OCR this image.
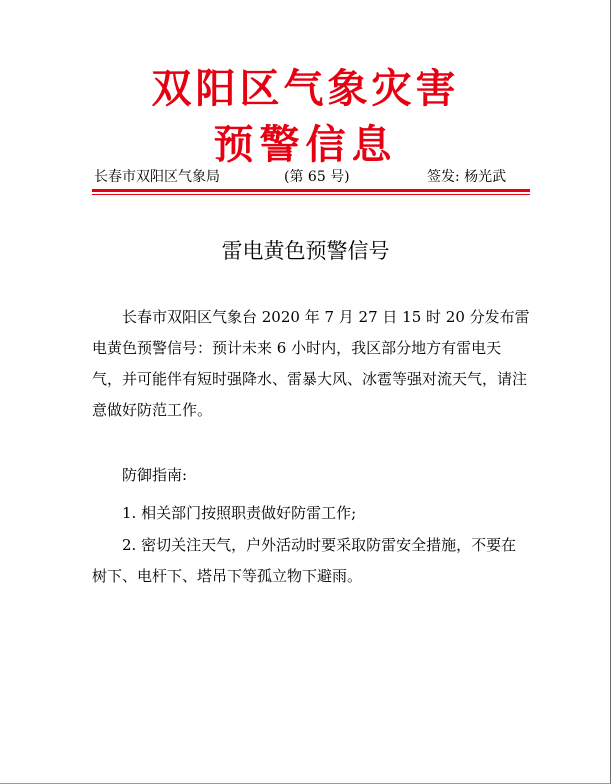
双阳区气象灾害
预警信息
长春市双阳区气象局	(第 65 号)	签发: 杨光武
雷电黄色预警信号
长春市双阳区气象台 2020 年 7 月 27 日 15 时 20 分发布雷电黄色预警信号：预计未来 6 小时内，我区部分地方有雷电天气，并可能伴有短时强降水、雷暴大风、冰雹等强对流天气，请注意做好防范工作。
防御指南:
1. 相关部门按照职责做好防雷工作;
2. 密切关注天气，户外活动时要采取防雷安全措施，不要在树下、电杆下、塔吊下等孤立物下避雨。
